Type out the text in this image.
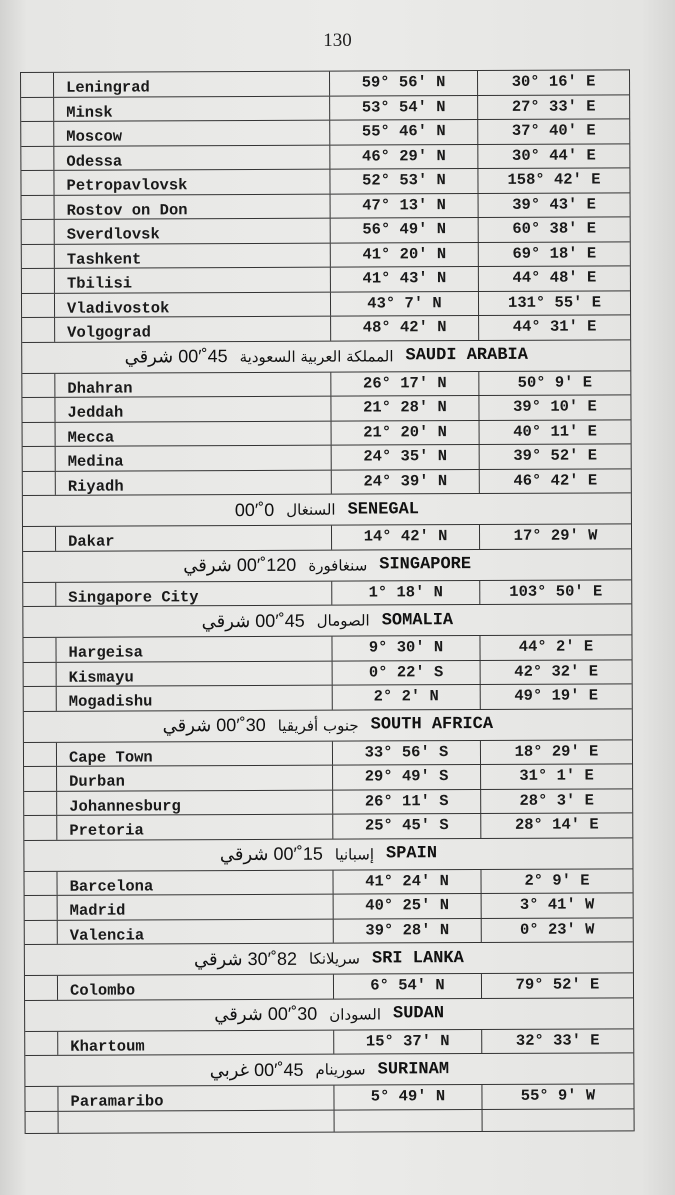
130
Leningrad	59° 56′ N	30° 16′ E
Minsk	53° 54′ N	27° 33′ E
Moscow	55° 46′ N	37° 40′ E
Odessa	46° 29′ N	30° 44′ E
Petropavlovsk	52° 53′ N	158° 42′ E
Rostov on Don	47° 13′ N	39° 43′ E
Sverdlovsk	56° 49′ N	60° 38′ E
Tashkent	41° 20′ N	69° 18′ E
Tbilisi	41° 43′ N	44° 48′ E
Vladivostok	43° 7′ N	131° 55′ E
Volgograd	48° 42′ N	44° 31′ E
45˚00′ شرقي المملكة العربية السعودية SAUDI ARABIA
Dhahran	26° 17′ N	50° 9′ E
Jeddah	21° 28′ N	39° 10′ E
Mecca	21° 20′ N	40° 11′ E
Medina	24° 35′ N	39° 52′ E
Riyadh	24° 39′ N	46° 42′ E
0˚00′ السنغال SENEGAL
Dakar	14° 42′ N	17° 29′ W
120˚00′ شرقي سنغافورة SINGAPORE
Singapore City	1° 18′ N	103° 50′ E
45˚00′ شرقي الصومال SOMALIA
Hargeisa	9° 30′ N	44° 2′ E
Kismayu	0° 22′ S	42° 32′ E
Mogadishu	2° 2′ N	49° 19′ E
30˚00′ شرقي جنوب أفريقيا SOUTH AFRICA
Cape Town	33° 56′ S	18° 29′ E
Durban	29° 49′ S	31° 1′ E
Johannesburg	26° 11′ S	28° 3′ E
Pretoria	25° 45′ S	28° 14′ E
15˚00′ شرقي إسبانيا SPAIN
Barcelona	41° 24′ N	2° 9′ E
Madrid	40° 25′ N	3° 41′ W
Valencia	39° 28′ N	0° 23′ W
82˚30′ شرقي سريلانكا SRI LANKA
Colombo	6° 54′ N	79° 52′ E
30˚00′ شرقي السودان SUDAN
Khartoum	15° 37′ N	32° 33′ E
45˚00′ غربي سورينام SURINAM
Paramaribo	5° 49′ N	55° 9′ W
